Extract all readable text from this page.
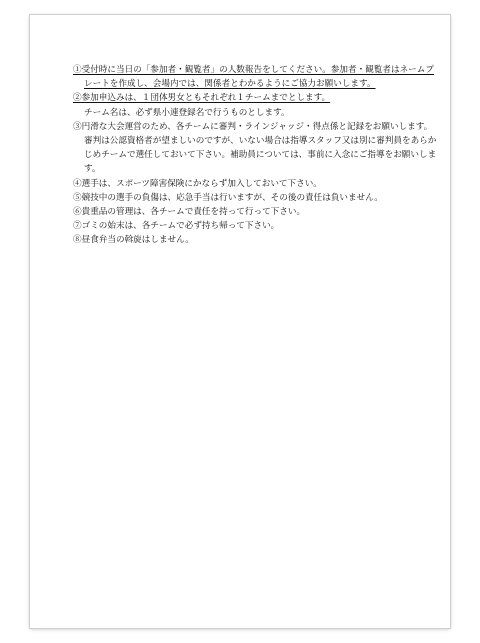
①受付時に当日の「参加者・観覧者」の人数報告をしてください。参加者・観覧者はネームプ
レートを作成し、会場内では、関係者とわかるようにご協力お願いします。
②参加申込みは、１団体男女ともそれぞれ１チームまでとします。
チーム名は、必ず県小連登録名で行うものとします。
③円滑な大会運営のため、各チームに審判・ラインジャッジ・得点係と記録をお願いします。
審判は公認資格者が望ましいのですが、いない場合は指導スタッフ又は別に審判員をあらか
じめチームで選任しておいて下さい。補助員については、事前に入念にご指導をお願いしま
す。
④選手は、スポーツ障害保険にかならず加入しておいて下さい。
⑤競技中の選手の負傷は、応急手当は行いますが、その後の責任は負いません。
⑥貴重品の管理は、各チームで責任を持って行って下さい。
⑦ゴミの始末は、各チームで必ず持ち帰って下さい。
⑧昼食弁当の斡旋はしません。
